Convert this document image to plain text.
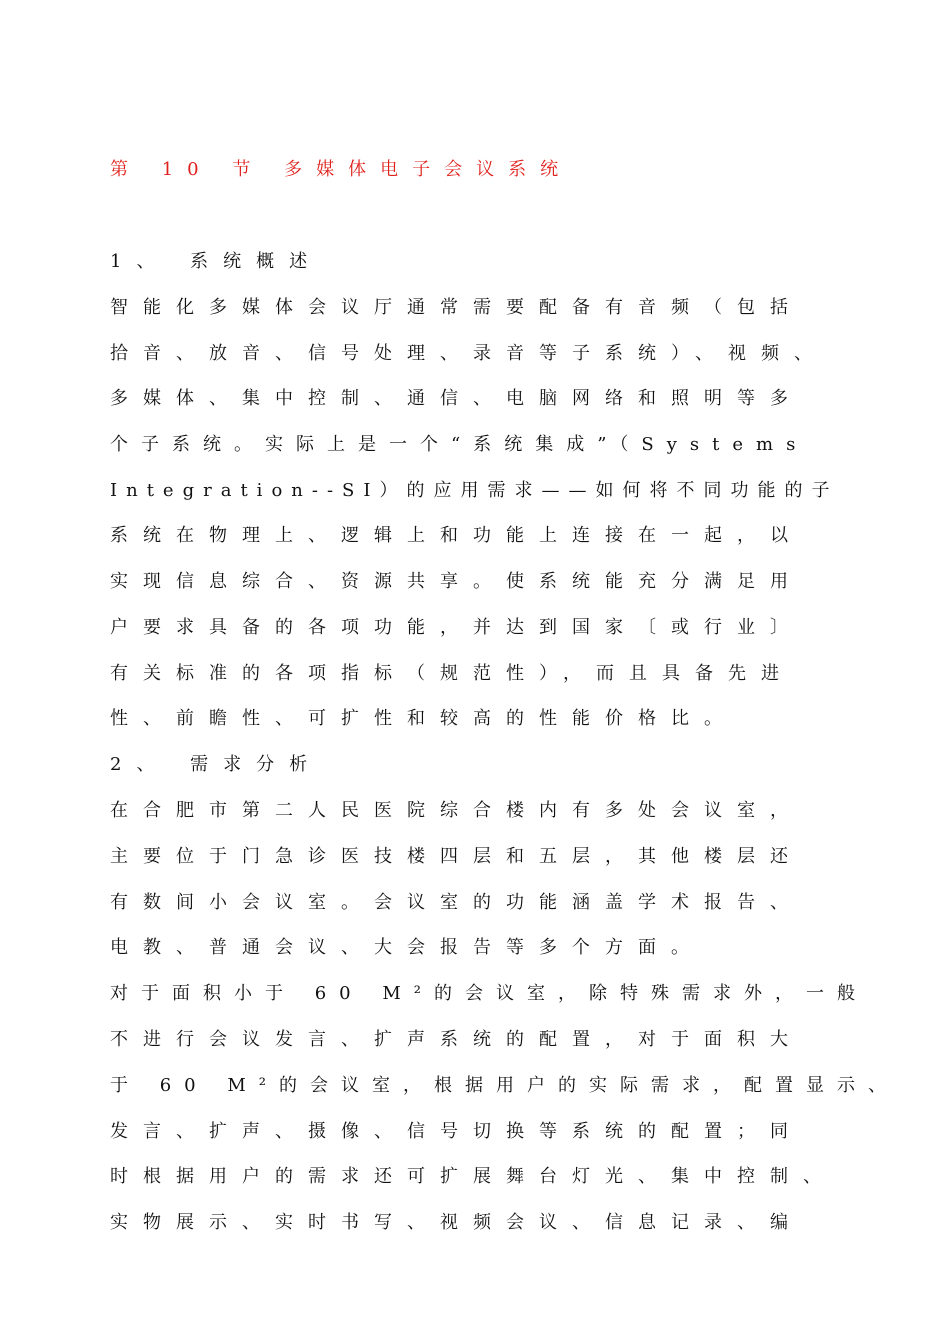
第 10 节 多媒体电子会议系统
1、 系统概述
智能化多媒体会议厅通常需要配备有音频（包括
拾音、放音、信号处理、录音等子系统）、视频、
多媒体、集中控制、通信、电脑网络和照明等多
个子系统。实际上是一个“系统集成”（Systems
Integration--SI）的应用需求——如何将不同功能的子
系统在物理上、逻辑上和功能上连接在一起，以
实现信息综合、资源共享。使系统能充分满足用
户要求具备的各项功能，并达到国家〔或行业〕
有关标准的各项指标（规范性），而且具备先进
性、前瞻性、可扩性和较高的性能价格比。
2、 需求分析
在合肥市第二人民医院综合楼内有多处会议室，
主要位于门急诊医技楼四层和五层，其他楼层还
有数间小会议室。会议室的功能涵盖学术报告、
电教、普通会议、大会报告等多个方面。
对于面积小于 60 M²的会议室，除特殊需求外，一般
不进行会议发言、扩声系统的配置，对于面积大
于 60 M²的会议室，根据用户的实际需求，配置显示、
发言、扩声、摄像、信号切换等系统的配置；同
时根据用户的需求还可扩展舞台灯光、集中控制、
实物展示、实时书写、视频会议、信息记录、编
